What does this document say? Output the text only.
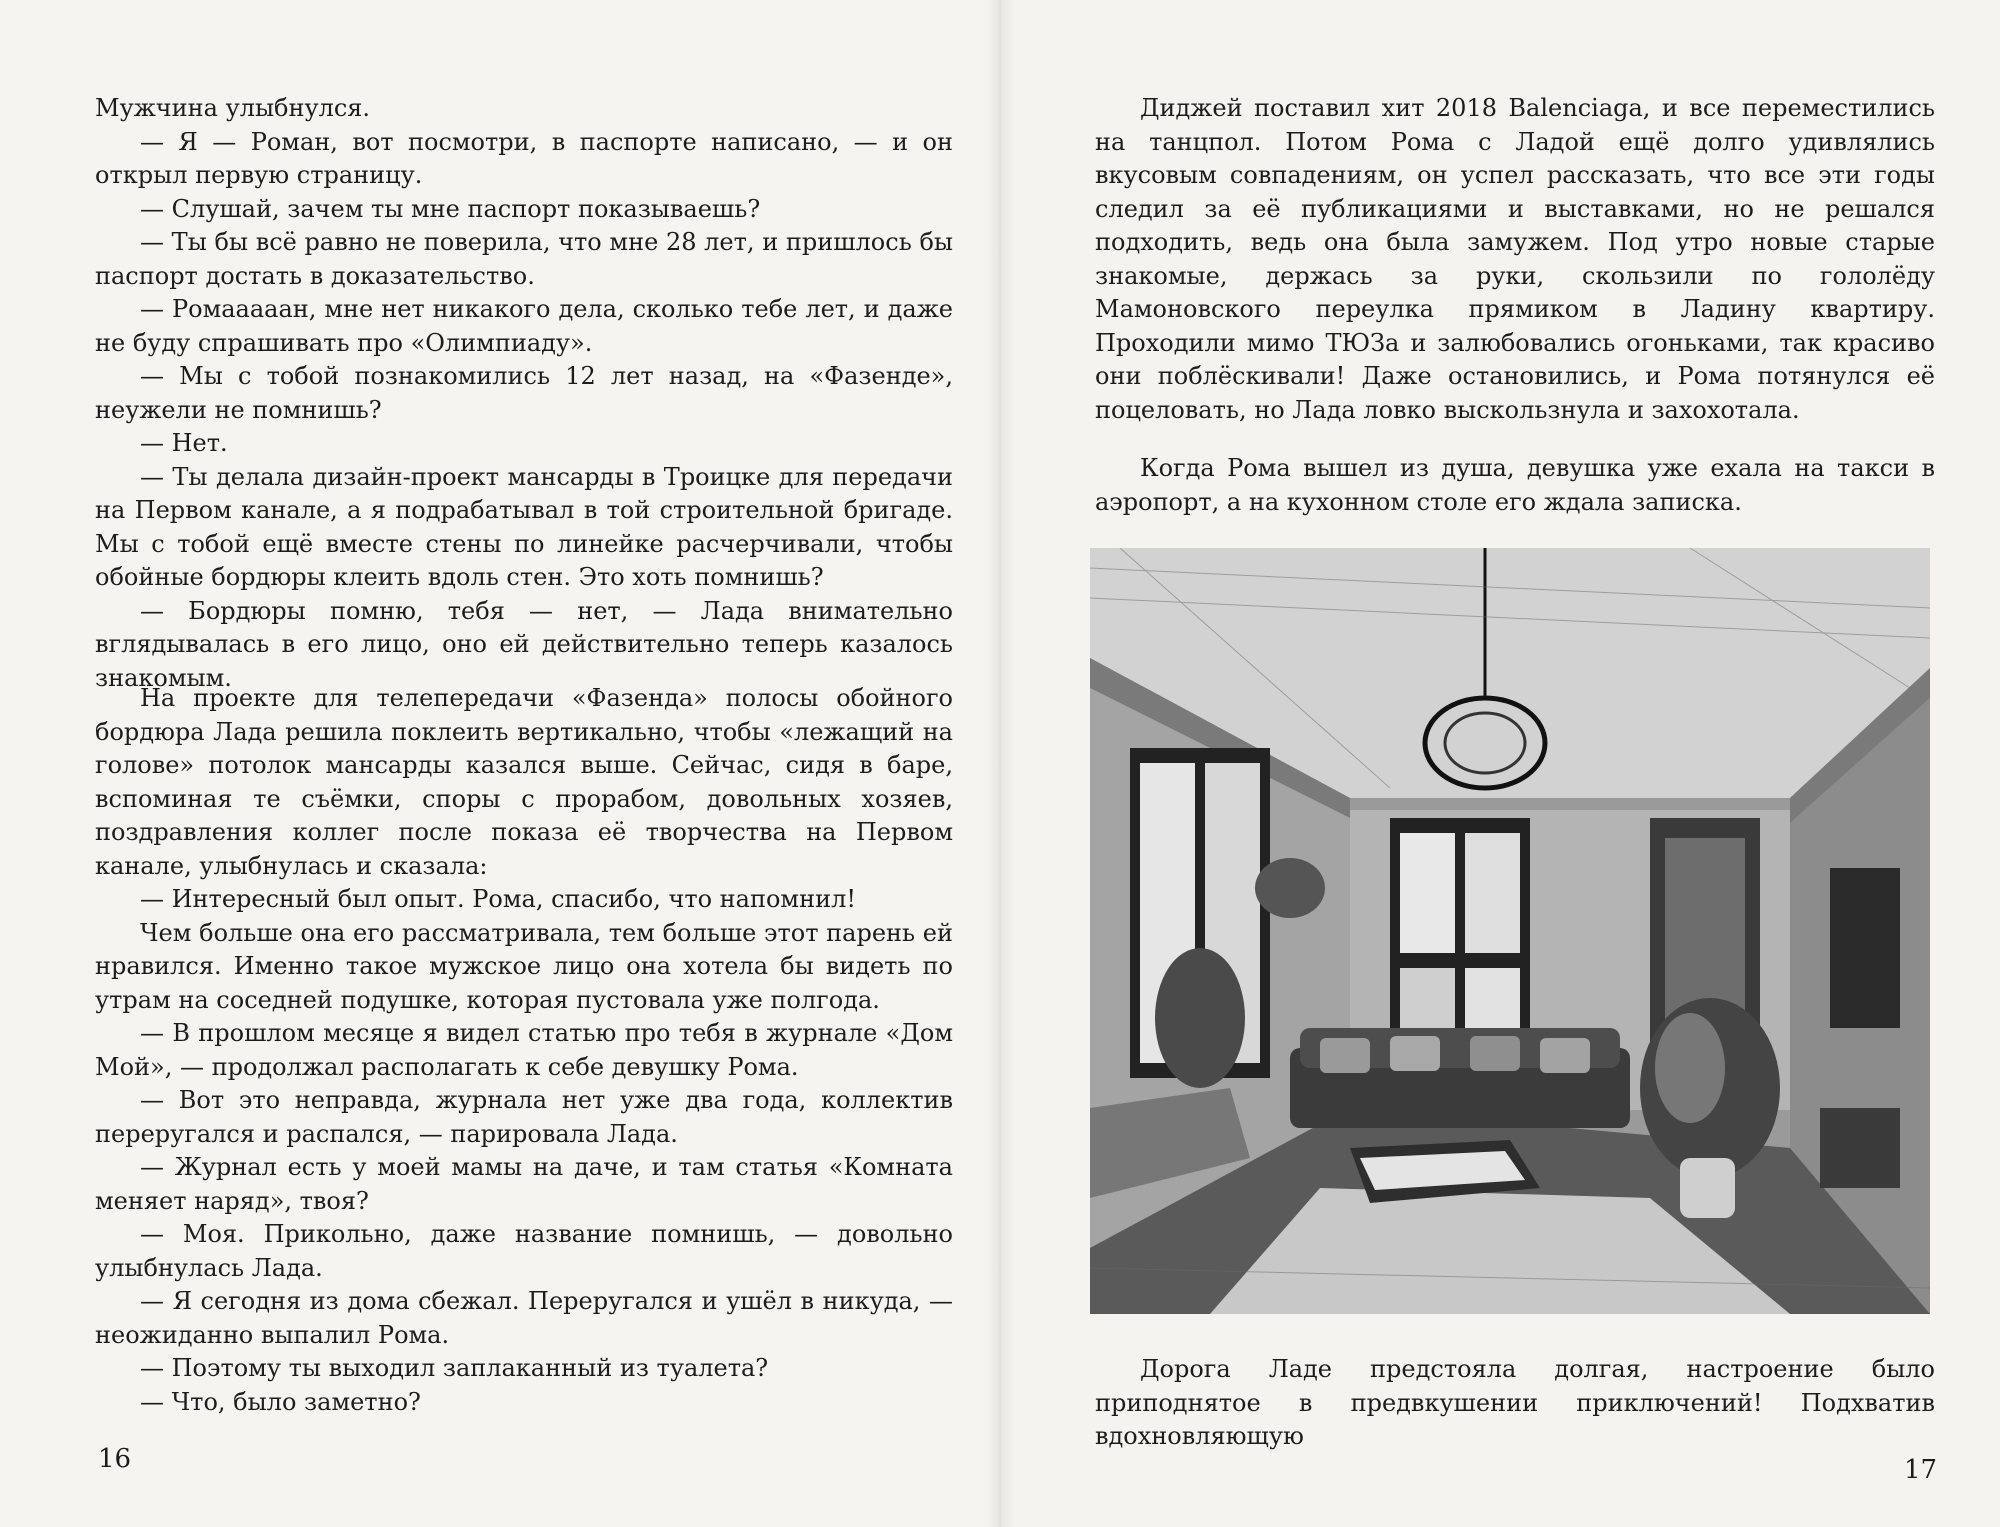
Мужчина улыбнулся.

— Я — Роман, вот посмотри, в паспорте написано, — и он открыл первую страницу.

— Слушай, зачем ты мне паспорт показываешь?

— Ты бы всё равно не поверила, что мне 28 лет, и пришлось бы паспорт достать в доказательство.

— Ромааааан, мне нет никакого дела, сколько тебе лет, и даже не буду спрашивать про «Олимпиаду».

— Мы с тобой познакомились 12 лет назад, на «Фазенде», неужели не помнишь?

— Нет.

— Ты делала дизайн-проект мансарды в Троицке для передачи на Первом канале, а я подрабатывал в той строительной бригаде. Мы с тобой ещё вместе стены по линейке расчерчивали, чтобы обойные бордюры клеить вдоль стен. Это хоть помнишь?

— Бордюры помню, тебя — нет, — Лада внимательно вглядывалась в его лицо, оно ей действительно теперь казалось знакомым.

На проекте для телепередачи «Фазенда» полосы обойного бордюра Лада решила поклеить вертикально, чтобы «лежащий на голове» потолок мансарды казался выше. Сейчас, сидя в баре, вспоминая те съёмки, споры с прорабом, довольных хозяев, поздравления коллег после показа её творчества на Первом канале, улыбнулась и сказала:

— Интересный был опыт. Рома, спасибо, что напомнил!

Чем больше она его рассматривала, тем больше этот парень ей нравился. Именно такое мужское лицо она хотела бы видеть по утрам на соседней подушке, которая пустовала уже полгода.

— В прошлом месяце я видел статью про тебя в журнале «Дом Мой», — продолжал располагать к себе девушку Рома.

— Вот это неправда, журнала нет уже два года, коллектив переругался и распался, — парировала Лада.

— Журнал есть у моей мамы на даче, и там статья «Комната меняет наряд», твоя?

— Моя. Прикольно, даже название помнишь, — довольно улыбнулась Лада.

— Я сегодня из дома сбежал. Переругался и ушёл в никуда, — неожиданно выпалил Рома.

— Поэтому ты выходил заплаканный из туалета?

— Что, было заметно?

16

Диджей поставил хит 2018 Balenciaga, и все переместились на танцпол. Потом Рома с Ладой ещё долго удивлялись вкусовым совпадениям, он успел рассказать, что все эти годы следил за её публикациями и выставками, но не решался подходить, ведь она была замужем. Под утро новые старые знакомые, держась за руки, скользили по гололёду Мамоновского переулка прямиком в Ладину квартиру. Проходили мимо ТЮЗа и залюбовались огоньками, так красиво они поблёскивали! Даже остановились, и Рома потянулся её поцеловать, но Лада ловко выскользнула и захохотала.

Когда Рома вышел из душа, девушка уже ехала на такси в аэропорт, а на кухонном столе его ждала записка.

Дорога Ладе предстояла долгая, настроение было приподнятое в предвкушении приключений! Подхватив вдохновляющую

17
